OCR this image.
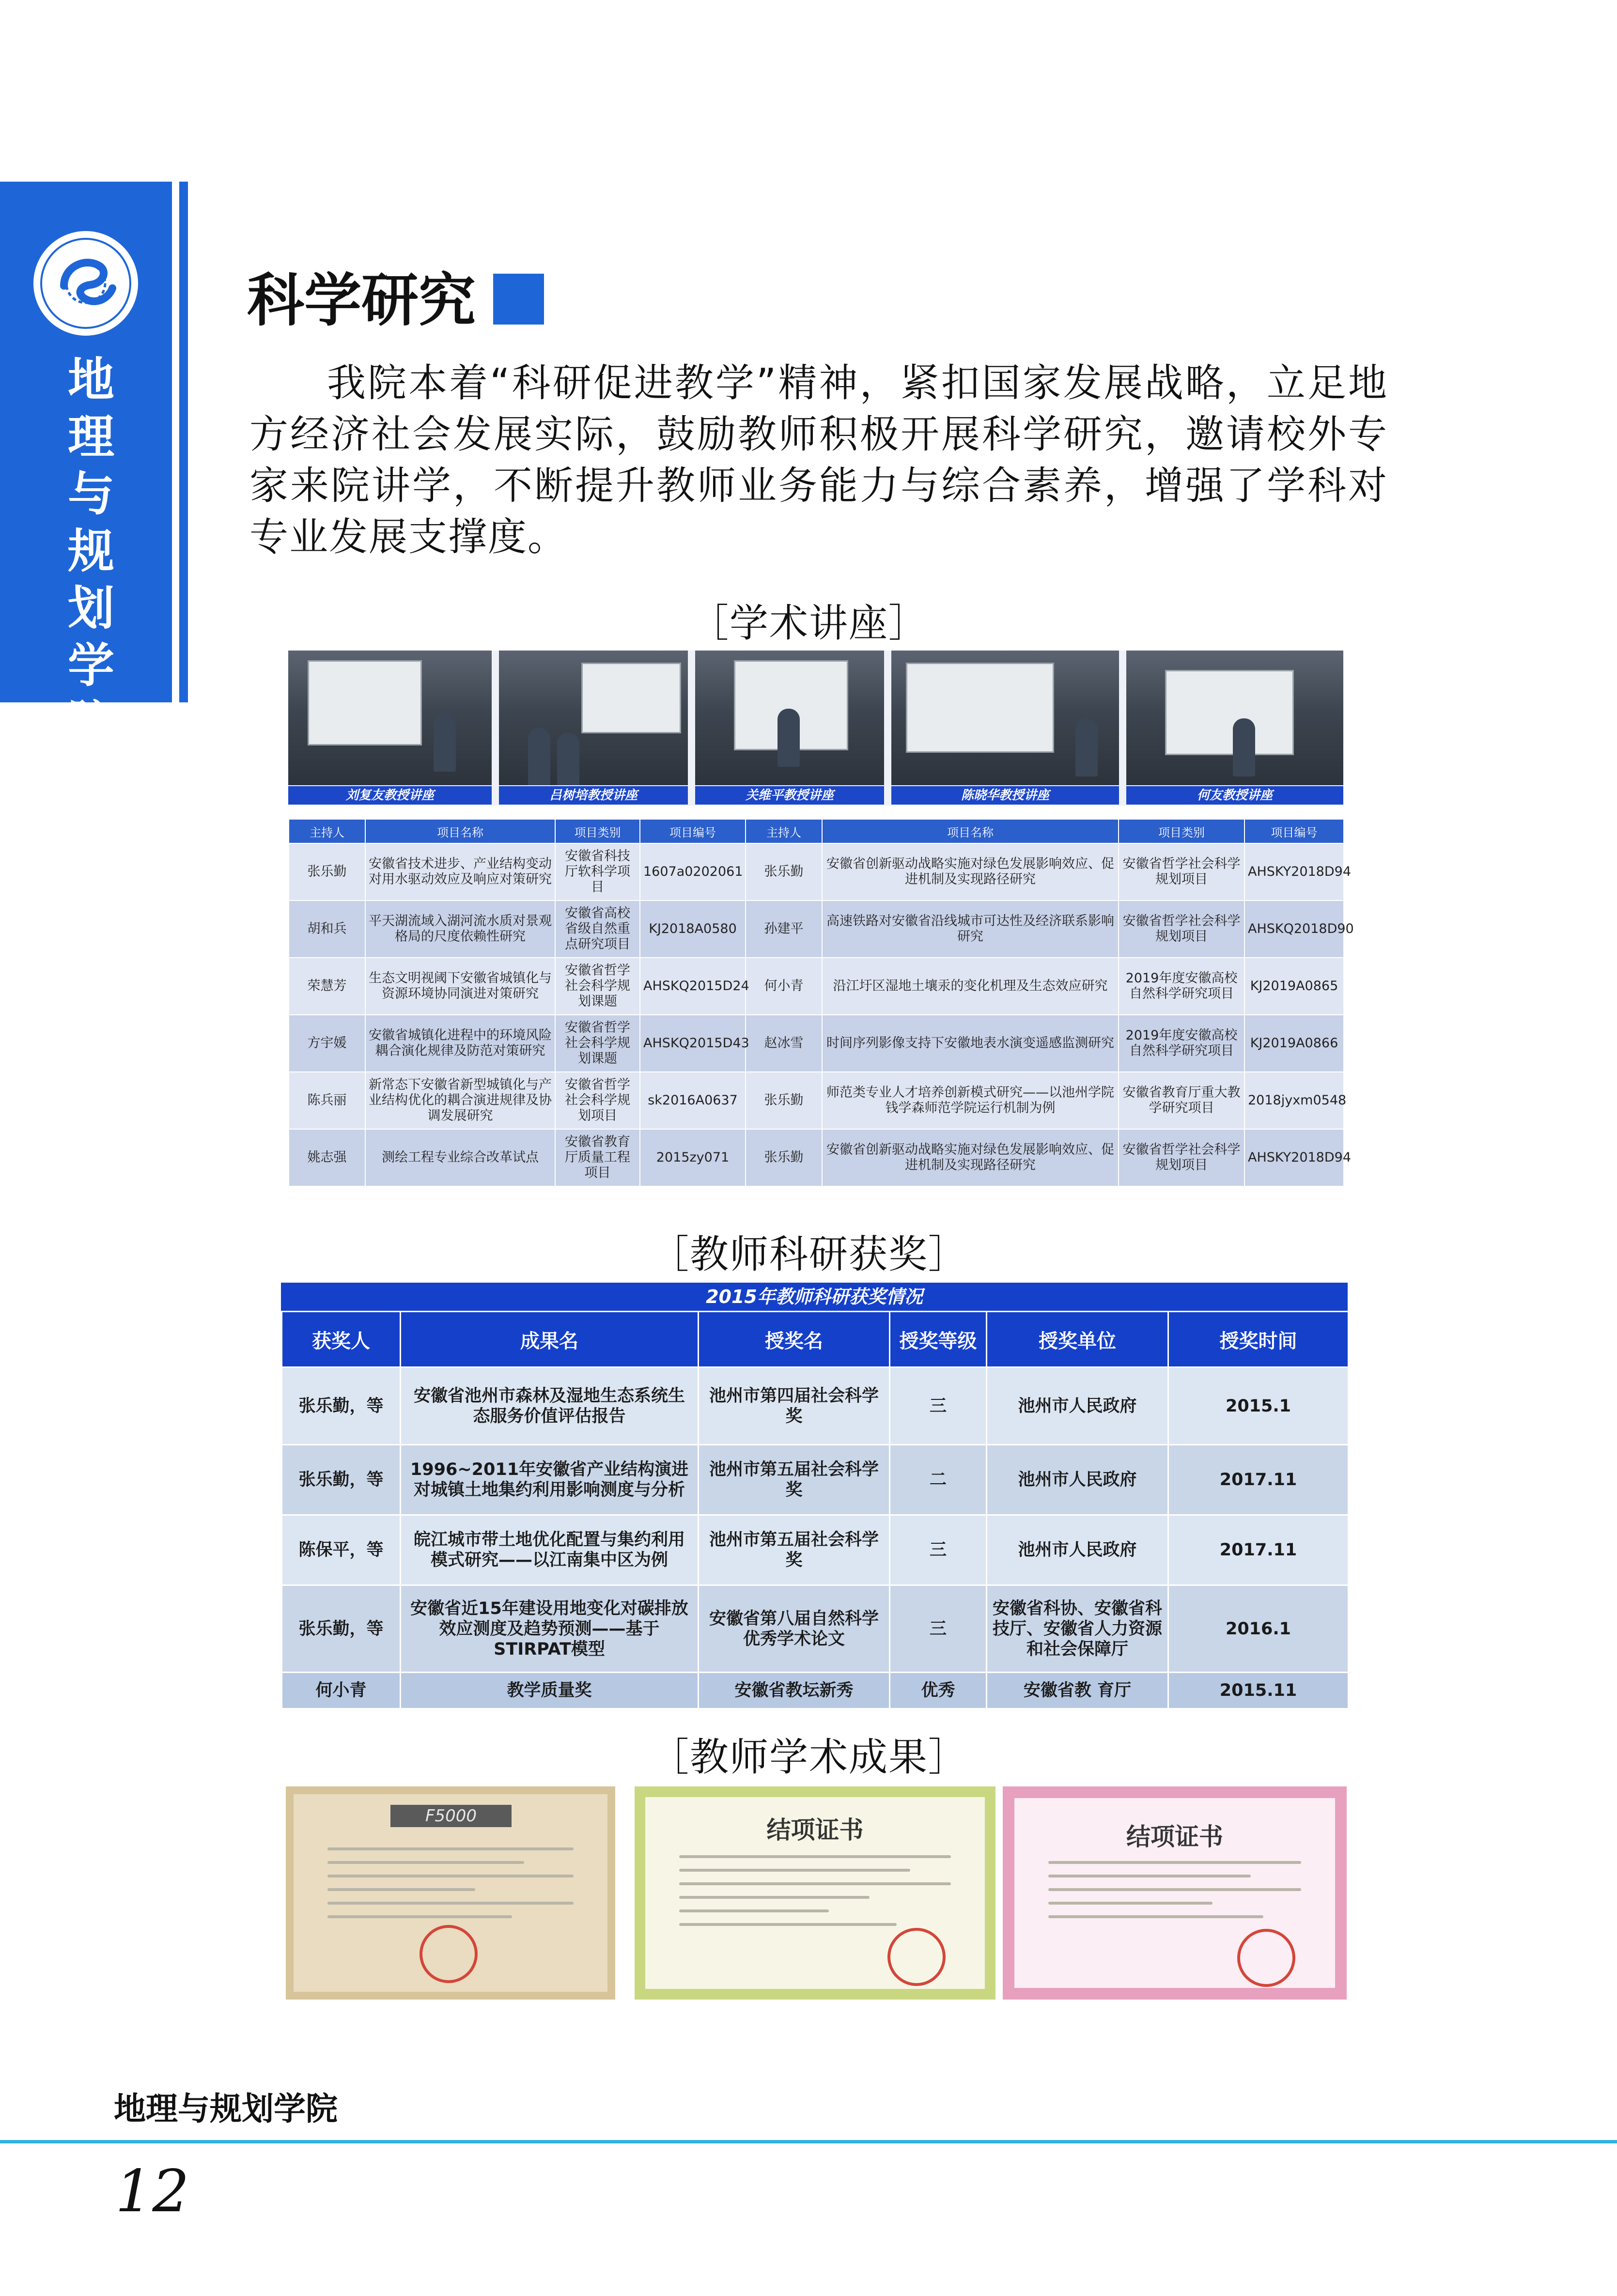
地理与规划学院
科学研究
我院本着“科研促进教学”精神，紧扣国家发展战略，立足地方经济社会发展实际，鼓励教师积极开展科学研究，邀请校外专家来院讲学，不断提升教师业务能力与综合素养，增强了学科对专业发展支撑度。
［学术讲座］
刘复友教授讲座	吕树培教授讲座	关维平教授讲座	陈晓华教授讲座	何友教授讲座
主持人	项目名称	项目类别	项目编号	主持人	项目名称	项目类别	项目编号
张乐勤	安徽省技术进步、产业结构变动对用水驱动效应及响应对策研究	安徽省科技厅软科学项目	1607a0202061	张乐勤	安徽省创新驱动战略实施对绿色发展影响效应、促进机制及实现路径研究	安徽省哲学社会科学规划项目	AHSKY2018D94
胡和兵	平天湖流域入湖河流水质对景观格局的尺度依赖性研究	安徽省高校省级自然重点研究项目	KJ2018A0580	孙建平	高速铁路对安徽省沿线城市可达性及经济联系影响研究	安徽省哲学社会科学规划项目	AHSKQ2018D90
荣慧芳	生态文明视阈下安徽省城镇化与资源环境协同演进对策研究	安徽省哲学社会科学规划课题	AHSKQ2015D24	何小青	沿江圩区湿地土壤汞的变化机理及生态效应研究	2019年度安徽高校自然科学研究项目	KJ2019A0865
方宇媛	安徽省城镇化进程中的环境风险耦合演化规律及防范对策研究	安徽省哲学社会科学规划课题	AHSKQ2015D43	赵冰雪	时间序列影像支持下安徽地表水演变遥感监测研究	2019年度安徽高校自然科学研究项目	KJ2019A0866
陈兵丽	新常态下安徽省新型城镇化与产业结构优化的耦合演进规律及协调发展研究	安徽省哲学社会科学规划项目	sk2016A0637	张乐勤	师范类专业人才培养创新模式研究——以池州学院钱学森师范学院运行机制为例	安徽省教育厅重大教学研究项目	2018jyxm0548
姚志强	测绘工程专业综合改革试点	安徽省教育厅质量工程项目	2015zy071	张乐勤	安徽省创新驱动战略实施对绿色发展影响效应、促进机制及实现路径研究	安徽省哲学社会科学规划项目	AHSKY2018D94
［教师科研获奖］
2015年教师科研获奖情况
获奖人	成果名	授奖名	授奖等级	授奖单位	授奖时间
张乐勤，等	安徽省池州市森林及湿地生态系统生态服务价值评估报告	池州市第四届社会科学奖	三	池州市人民政府	2015.1
张乐勤，等	1996~2011年安徽省产业结构演进对城镇土地集约利用影响测度与分析	池州市第五届社会科学奖	二	池州市人民政府	2017.11
陈保平，等	皖江城市带土地优化配置与集约利用模式研究——以江南集中区为例	池州市第五届社会科学奖	三	池州市人民政府	2017.11
张乐勤，等	安徽省近15年建设用地变化对碳排放效应测度及趋势预测——基于STIRPAT模型	安徽省第八届自然科学优秀学术论文	三	安徽省科协、安徽省科技厅、安徽省人力资源和社会保障厅	2016.1
何小青	教学质量奖	安徽省教坛新秀	优秀	安徽省教 育厅	2015.11
［教师学术成果］
F5000	结项证书	结项证书
地理与规划学院
12
